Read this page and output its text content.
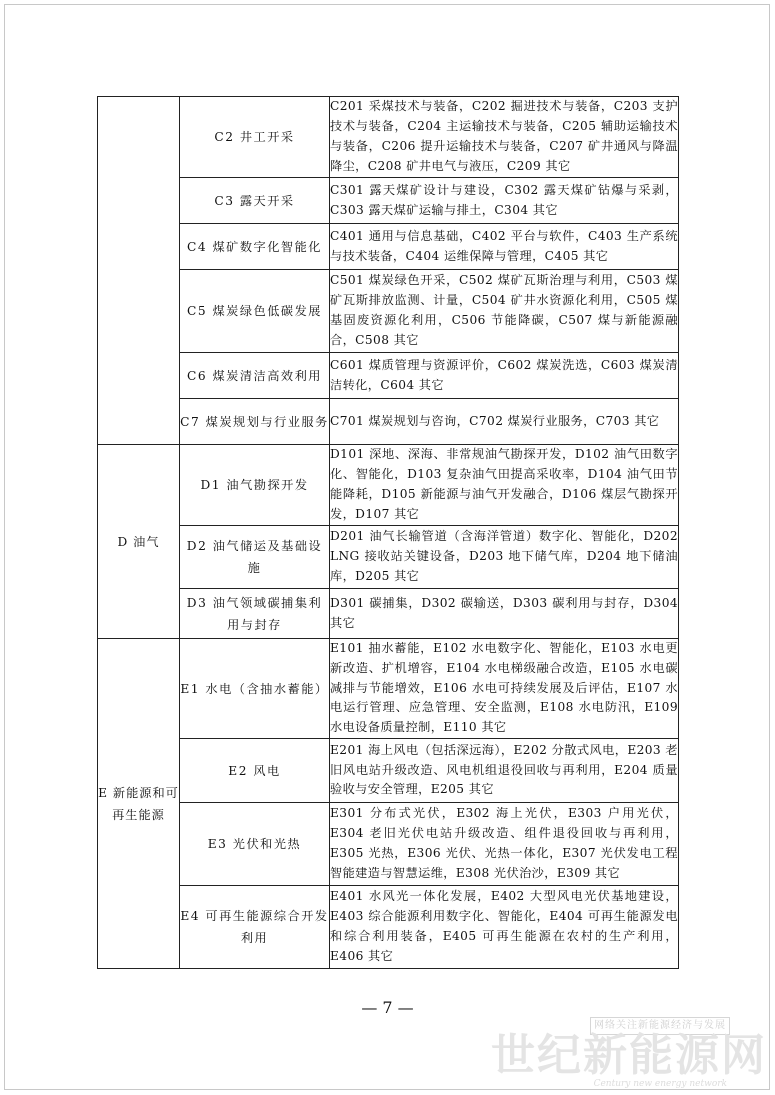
	C2 井工开采	C201 采煤技术与装备，C202 掘进技术与装备，C203 支护技术与装备，C204 主运输技术与装备，C205 辅助运输技术与装备，C206 提升运输技术与装备，C207 矿井通风与降温降尘，C208 矿井电气与液压，C209 其它
	C3 露天开采	C301 露天煤矿设计与建设，C302 露天煤矿钻爆与采剥，C303 露天煤矿运输与排土，C304 其它
	C4 煤矿数字化智能化	C401 通用与信息基础，C402 平台与软件，C403 生产系统与技术装备，C404 运维保障与管理，C405 其它
	C5 煤炭绿色低碳发展	C501 煤炭绿色开采，C502 煤矿瓦斯治理与利用，C503 煤矿瓦斯排放监测、计量，C504 矿井水资源化利用，C505 煤基固废资源化利用，C506 节能降碳，C507 煤与新能源融合，C508 其它
	C6 煤炭清洁高效利用	C601 煤质管理与资源评价，C602 煤炭洗选，C603 煤炭清洁转化，C604 其它
	C7 煤炭规划与行业服务	C701 煤炭规划与咨询，C702 煤炭行业服务，C703 其它
D 油气	D1 油气勘探开发	D101 深地、深海、非常规油气勘探开发，D102 油气田数字化、智能化，D103 复杂油气田提高采收率，D104 油气田节能降耗，D105 新能源与油气开发融合，D106 煤层气勘探开发，D107 其它
	D2 油气储运及基础设施	D201 油气长输管道（含海洋管道）数字化、智能化，D202 LNG 接收站关键设备，D203 地下储气库，D204 地下储油库，D205 其它
	D3 油气领域碳捕集利用与封存	D301 碳捕集，D302 碳输送，D303 碳利用与封存，D304 其它
E 新能源和可再生能源	E1 水电（含抽水蓄能）	E101 抽水蓄能，E102 水电数字化、智能化，E103 水电更新改造、扩机增容，E104 水电梯级融合改造，E105 水电碳减排与节能增效，E106 水电可持续发展及后评估，E107 水电运行管理、应急管理、安全监测，E108 水电防汛，E109 水电设备质量控制，E110 其它
	E2 风电	E201 海上风电（包括深远海），E202 分散式风电，E203 老旧风电站升级改造、风电机组退役回收与再利用，E204 质量验收与安全管理，E205 其它
	E3 光伏和光热	E301 分布式光伏，E302 海上光伏，E303 户用光伏，E304 老旧光伏电站升级改造、组件退役回收与再利用，E305 光热，E306 光伏、光热一体化，E307 光伏发电工程智能建造与智慧运维，E308 光伏治沙，E309 其它
	E4 可再生能源综合开发利用	E401 水风光一体化发展，E402 大型风电光伏基地建设，E403 综合能源利用数字化、智能化，E404 可再生能源发电和综合利用装备，E405 可再生能源在农村的生产利用，E406 其它
— 7 —
网络关注新能源经济与发展
世纪新能源网
Century new energy network
